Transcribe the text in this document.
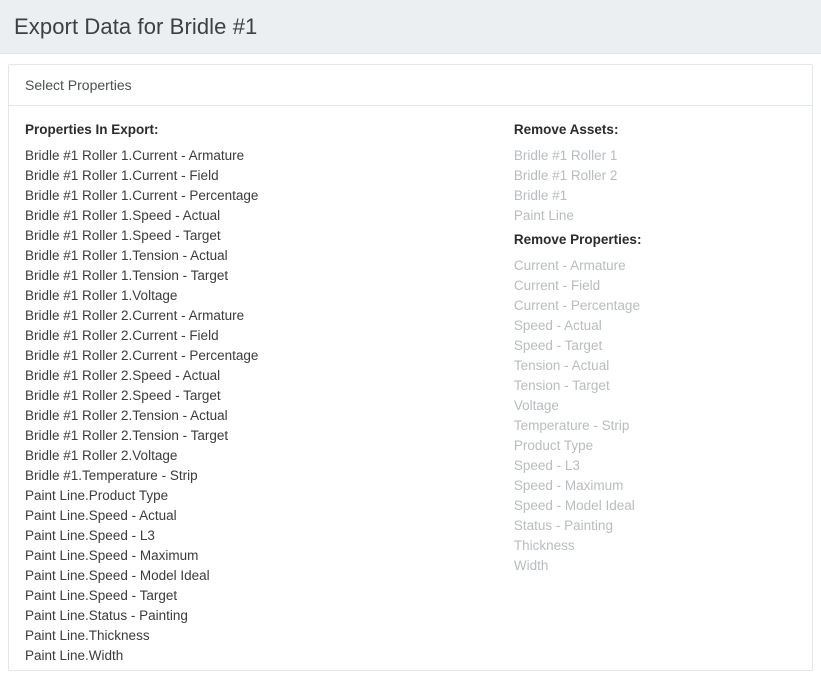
Export Data for Bridle #1
Select Properties
Properties In Export:
Bridle #1 Roller 1.Current - Armature
Bridle #1 Roller 1.Current - Field
Bridle #1 Roller 1.Current - Percentage
Bridle #1 Roller 1.Speed - Actual
Bridle #1 Roller 1.Speed - Target
Bridle #1 Roller 1.Tension - Actual
Bridle #1 Roller 1.Tension - Target
Bridle #1 Roller 1.Voltage
Bridle #1 Roller 2.Current - Armature
Bridle #1 Roller 2.Current - Field
Bridle #1 Roller 2.Current - Percentage
Bridle #1 Roller 2.Speed - Actual
Bridle #1 Roller 2.Speed - Target
Bridle #1 Roller 2.Tension - Actual
Bridle #1 Roller 2.Tension - Target
Bridle #1 Roller 2.Voltage
Bridle #1.Temperature - Strip
Paint Line.Product Type
Paint Line.Speed - Actual
Paint Line.Speed - L3
Paint Line.Speed - Maximum
Paint Line.Speed - Model Ideal
Paint Line.Speed - Target
Paint Line.Status - Painting
Paint Line.Thickness
Paint Line.Width
Remove Assets:
Bridle #1 Roller 1
Bridle #1 Roller 2
Bridle #1
Paint Line
Remove Properties:
Current - Armature
Current - Field
Current - Percentage
Speed - Actual
Speed - Target
Tension - Actual
Tension - Target
Voltage
Temperature - Strip
Product Type
Speed - L3
Speed - Maximum
Speed - Model Ideal
Status - Painting
Thickness
Width
